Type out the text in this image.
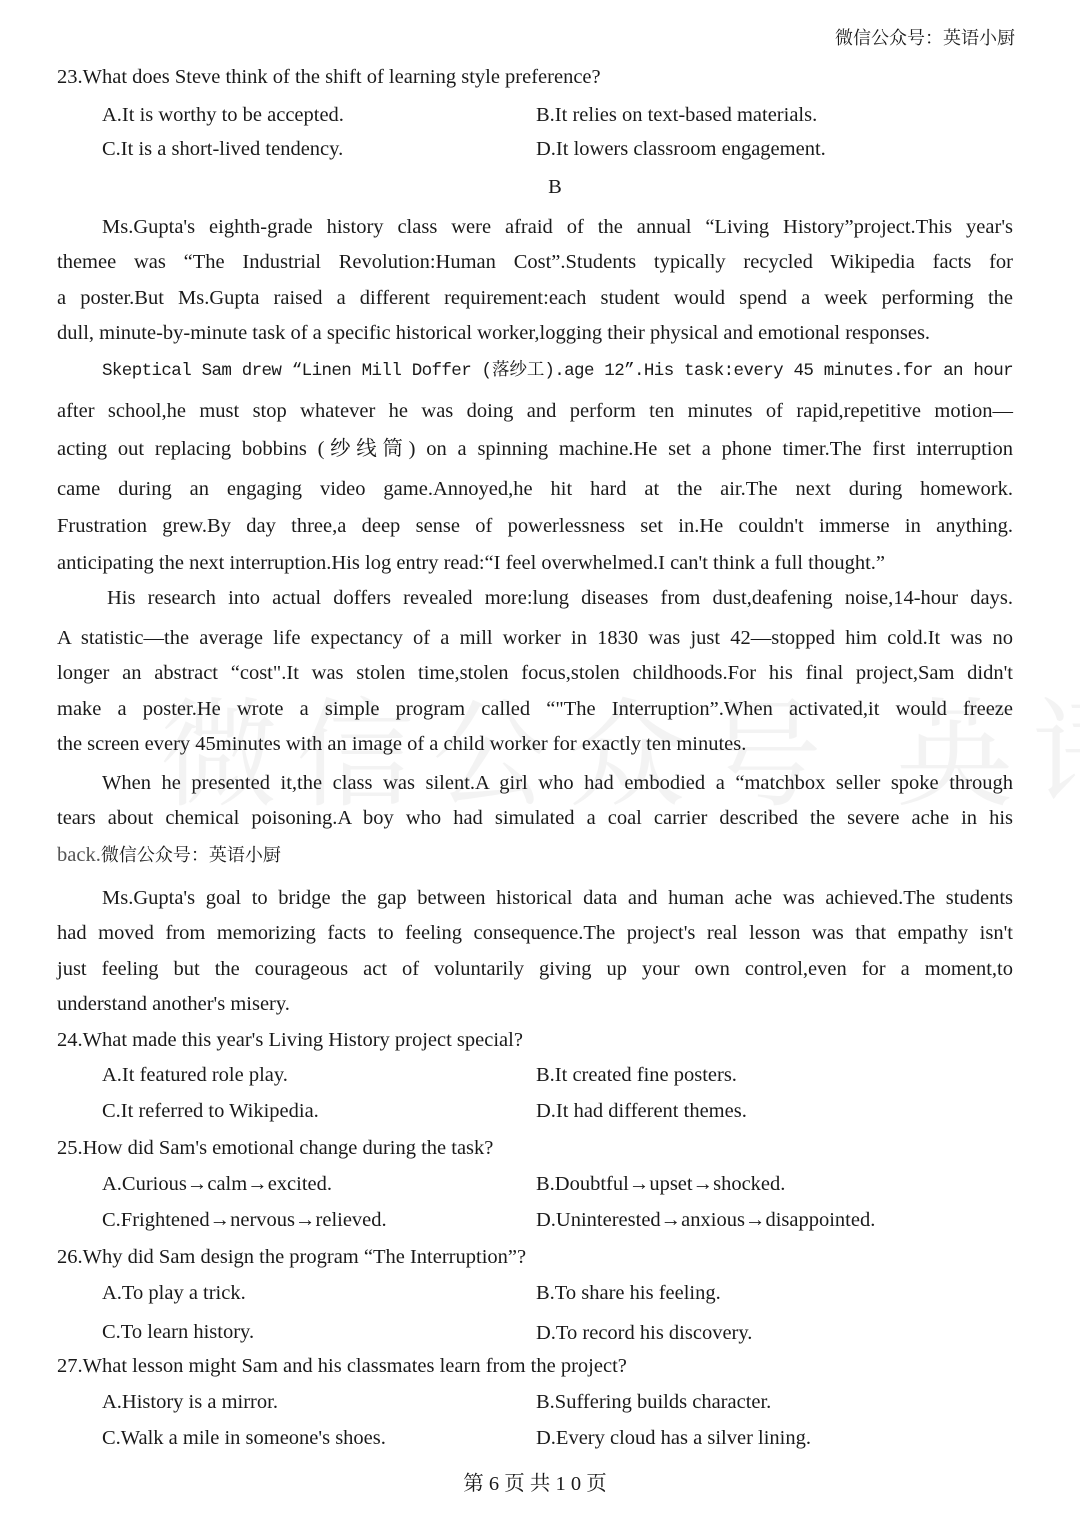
微信公众号：英语小厨
23.What does Steve think of the shift of learning style preference?
A.It is worthy to be accepted.	B.It relies on text-based materials.
C.It is a short-lived tendency.	D.It lowers classroom engagement.
B
Ms.Gupta's eighth-grade history class were afraid of the annual “Living History”project.This year's
themee was “The Industrial Revolution:Human Cost”.Students typically recycled Wikipedia facts for
a poster.But Ms.Gupta raised a different requirement:each student would spend a week performing the
dull, minute-by-minute task of a specific historical worker,logging their physical and emotional responses.
Skeptical Sam drew “Linen Mill Doffer (落纱工).age 12”.His task:every 45 minutes.for an hour
after school,he must stop whatever he was doing and perform ten minutes of rapid,repetitive motion—
acting out replacing bobbins (纱线筒) on a spinning machine.He set a phone timer.The first interruption
came during an engaging video game.Annoyed,he hit hard at the air.The next during homework.
Frustration grew.By day three,a deep sense of powerlessness set in.He couldn't immerse in anything.
anticipating the next interruption.His log entry read:“I feel overwhelmed.I can't think a full thought.”
His research into actual doffers revealed more:lung diseases from dust,deafening noise,14-hour days.
A statistic—the average life expectancy of a mill worker in 1830 was just 42—stopped him cold.It was no
longer an abstract “cost".It was stolen time,stolen focus,stolen childhoods.For his final project,Sam didn't
make a poster.He wrote a simple program called “"The Interruption”.When activated,it would freeze
the screen every 45minutes with an image of a child worker for exactly ten minutes.
When he presented it,the class was silent.A girl who had embodied a “matchbox seller spoke through
tears about chemical poisoning.A boy who had simulated a coal carrier described the severe ache in his
back.微信公众号：英语小厨
Ms.Gupta's goal to bridge the gap between historical data and human ache was achieved.The students
had moved from memorizing facts to feeling consequence.The project's real lesson was that empathy isn't
just feeling but the courageous act of voluntarily giving up your own control,even for a moment,to
understand another's misery.
24.What made this year's Living History project special?
A.It featured role play.	B.It created fine posters.
C.It referred to Wikipedia.	D.It had different themes.
25.How did Sam's emotional change during the task?
A.Curious→calm→excited.	B.Doubtful→upset→shocked.
C.Frightened→nervous→relieved.	D.Uninterested→anxious→disappointed.
26.Why did Sam design the program “The Interruption”?
A.To play a trick.	B.To share his feeling.
C.To learn history.	D.To record his discovery.
27.What lesson might Sam and his classmates learn from the project?
A.History is a mirror.	B.Suffering builds character.
C.Walk a mile in someone's shoes.	D.Every cloud has a silver lining.
第 6 页 共 1 0 页
